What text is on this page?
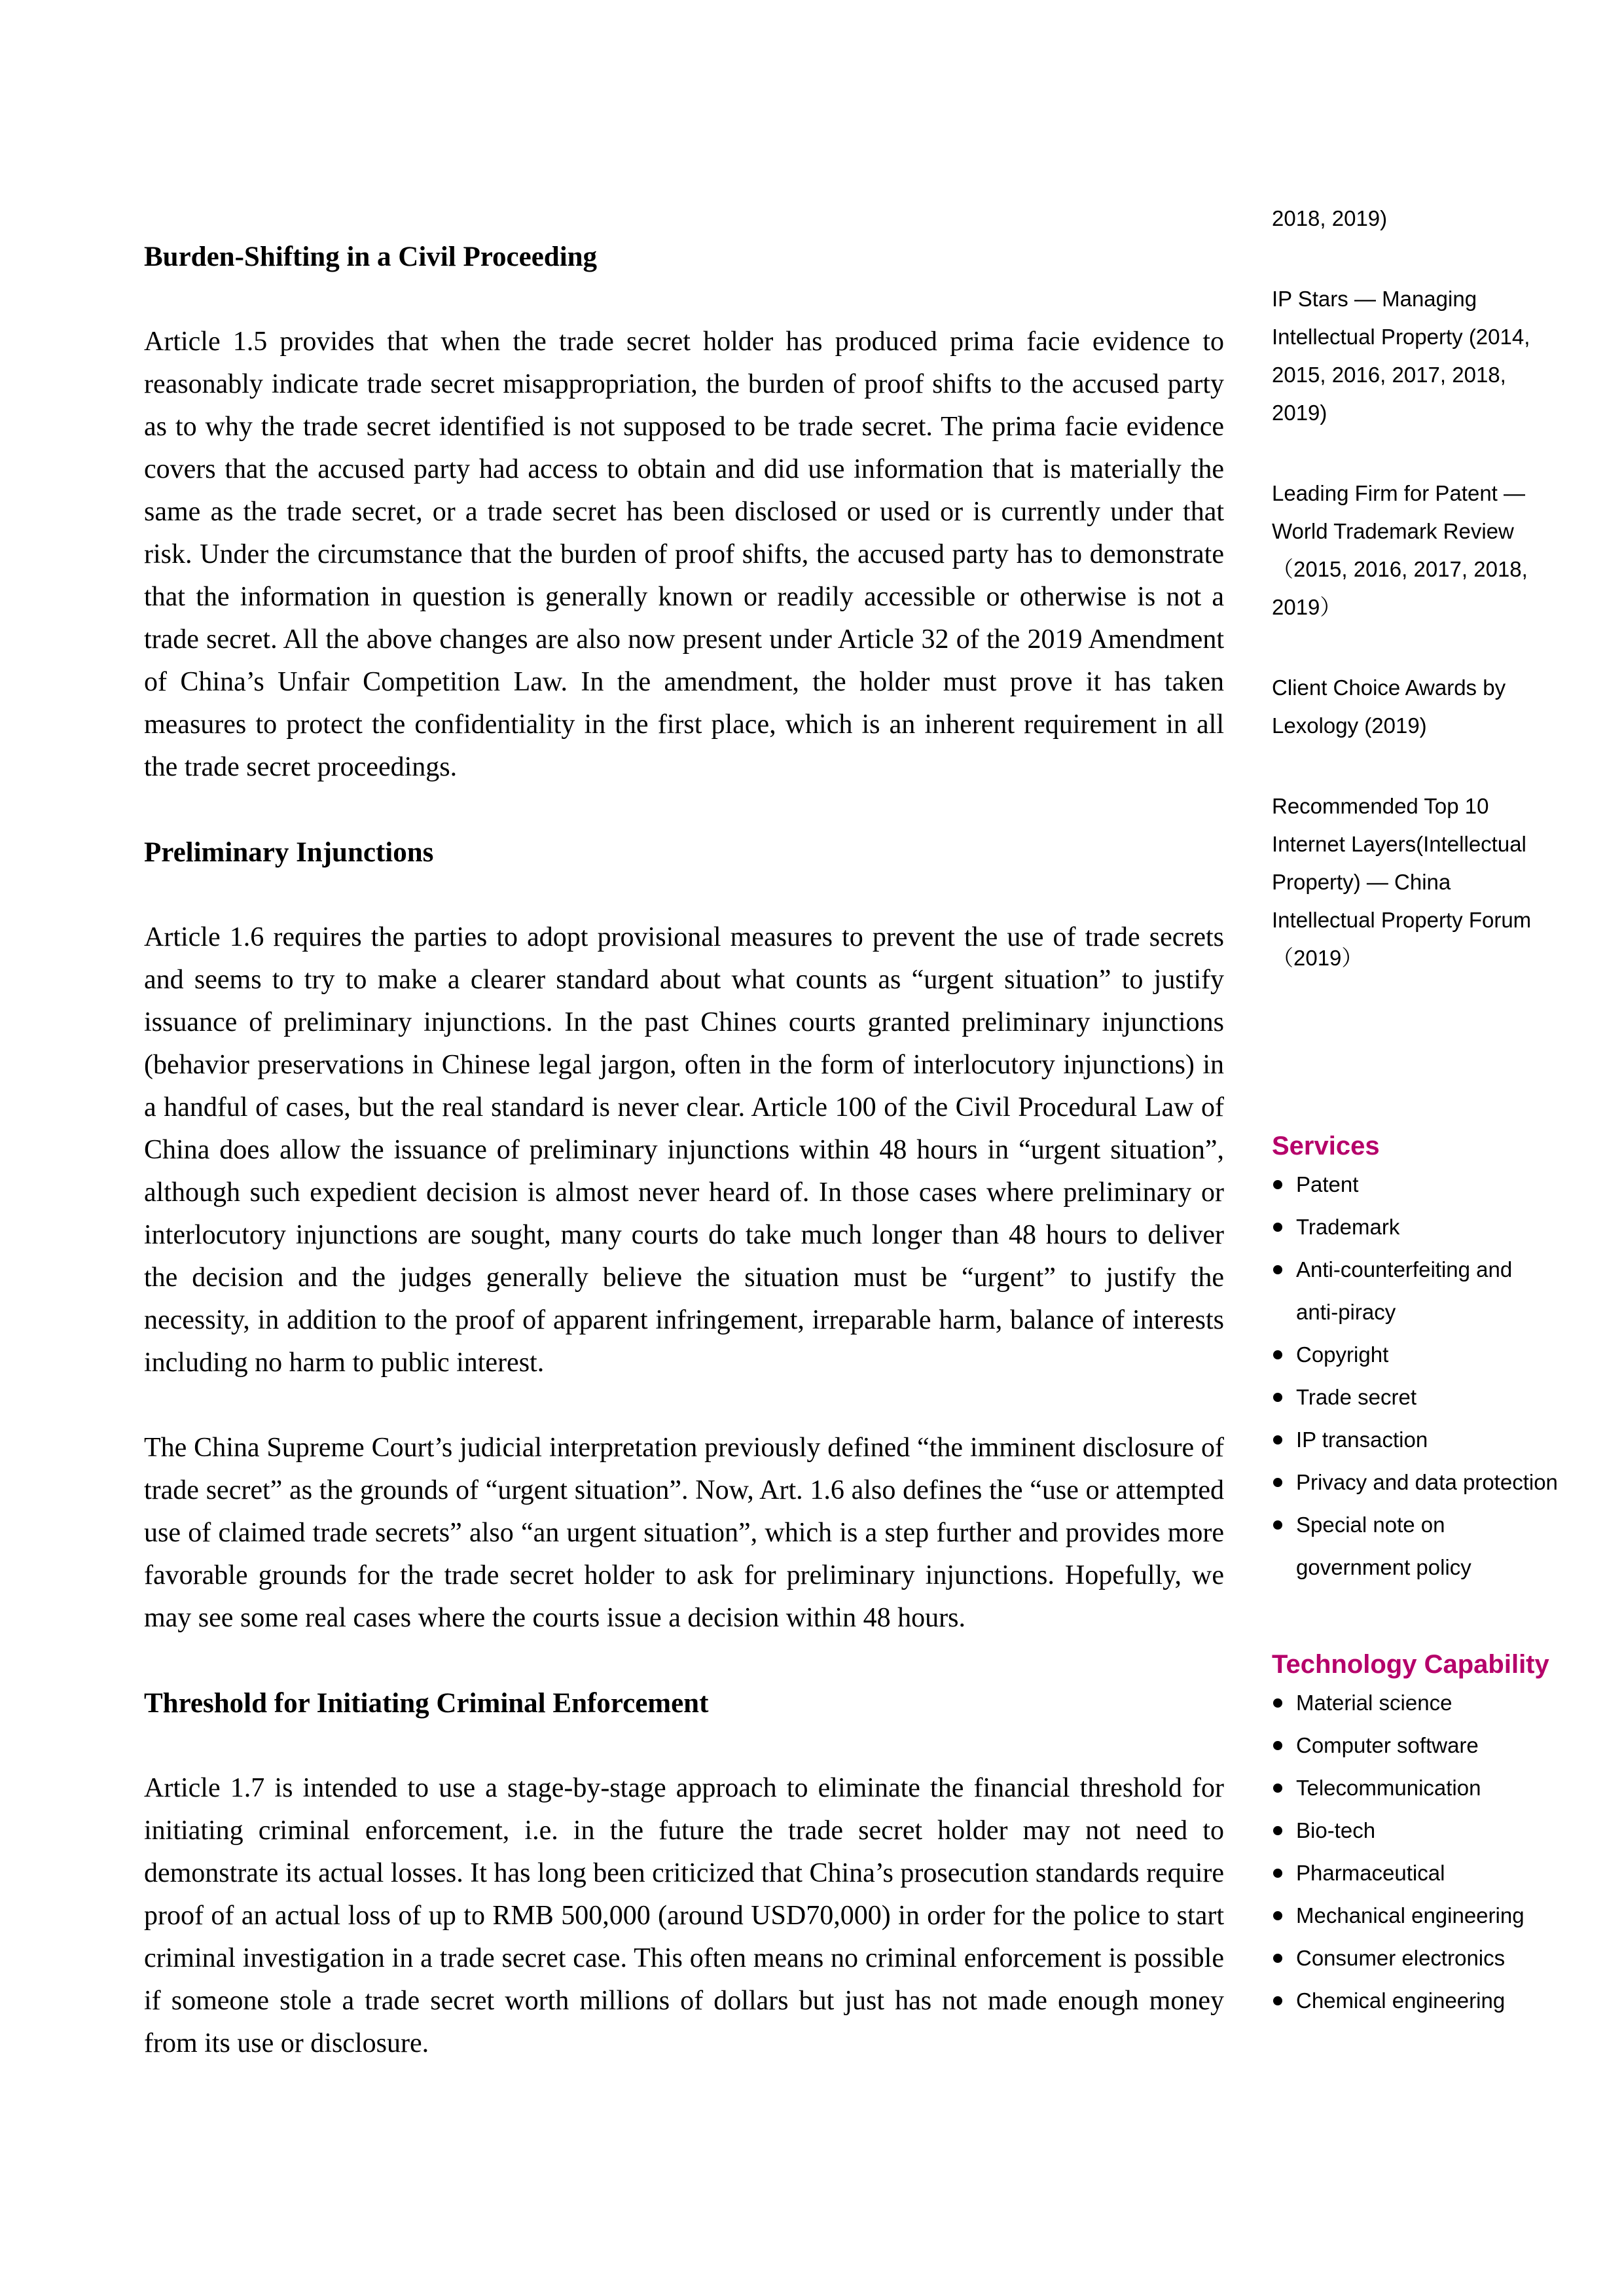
Burden-Shifting in a Civil Proceeding

Article 1.5 provides that when the trade secret holder has produced prima facie evidence to reasonably indicate trade secret misappropriation, the burden of proof shifts to the accused party as to why the trade secret identified is not supposed to be trade secret. The prima facie evidence covers that the accused party had access to obtain and did use information that is materially the same as the trade secret, or a trade secret has been disclosed or used or is currently under that risk. Under the circumstance that the burden of proof shifts, the accused party has to demonstrate that the information in question is generally known or readily accessible or otherwise is not a trade secret. All the above changes are also now present under Article 32 of the 2019 Amendment of China’s Unfair Competition Law. In the amendment, the holder must prove it has taken measures to protect the confidentiality in the first place, which is an inherent requirement in all the trade secret proceedings.

Preliminary Injunctions

Article 1.6 requires the parties to adopt provisional measures to prevent the use of trade secrets and seems to try to make a clearer standard about what counts as “urgent situation” to justify issuance of preliminary injunctions. In the past Chines courts granted preliminary injunctions (behavior preservations in Chinese legal jargon, often in the form of interlocutory injunctions) in a handful of cases, but the real standard is never clear. Article 100 of the Civil Procedural Law of China does allow the issuance of preliminary injunctions within 48 hours in “urgent situation”, although such expedient decision is almost never heard of. In those cases where preliminary or interlocutory injunctions are sought, many courts do take much longer than 48 hours to deliver the decision and the judges generally believe the situation must be “urgent” to justify the necessity, in addition to the proof of apparent infringement, irreparable harm, balance of interests including no harm to public interest.

The China Supreme Court’s judicial interpretation previously defined “the imminent disclosure of trade secret” as the grounds of “urgent situation”. Now, Art. 1.6 also defines the “use or attempted use of claimed trade secrets” also “an urgent situation”, which is a step further and provides more favorable grounds for the trade secret holder to ask for preliminary injunctions. Hopefully, we may see some real cases where the courts issue a decision within 48 hours.

Threshold for Initiating Criminal Enforcement

Article 1.7 is intended to use a stage-by-stage approach to eliminate the financial threshold for initiating criminal enforcement, i.e. in the future the trade secret holder may not need to demonstrate its actual losses. It has long been criticized that China’s prosecution standards require proof of an actual loss of up to RMB 500,000 (around USD70,000) in order for the police to start criminal investigation in a trade secret case. This often means no criminal enforcement is possible if someone stole a trade secret worth millions of dollars but just has not made enough money from its use or disclosure.

2018, 2019)

IP Stars — Managing Intellectual Property (2014, 2015, 2016, 2017, 2018, 2019)

Leading Firm for Patent — World Trademark Review （2015, 2016, 2017, 2018, 2019）

Client Choice Awards by Lexology (2019)

Recommended Top 10 Internet Layers(Intellectual Property) — China Intellectual Property Forum（2019）

Services
Patent
Trademark
Anti-counterfeiting and anti-piracy
Copyright
Trade secret
IP transaction
Privacy and data protection
Special note on government policy
Technology Capability
Material science
Computer software
Telecommunication
Bio-tech
Pharmaceutical
Mechanical engineering
Consumer electronics
Chemical engineering
